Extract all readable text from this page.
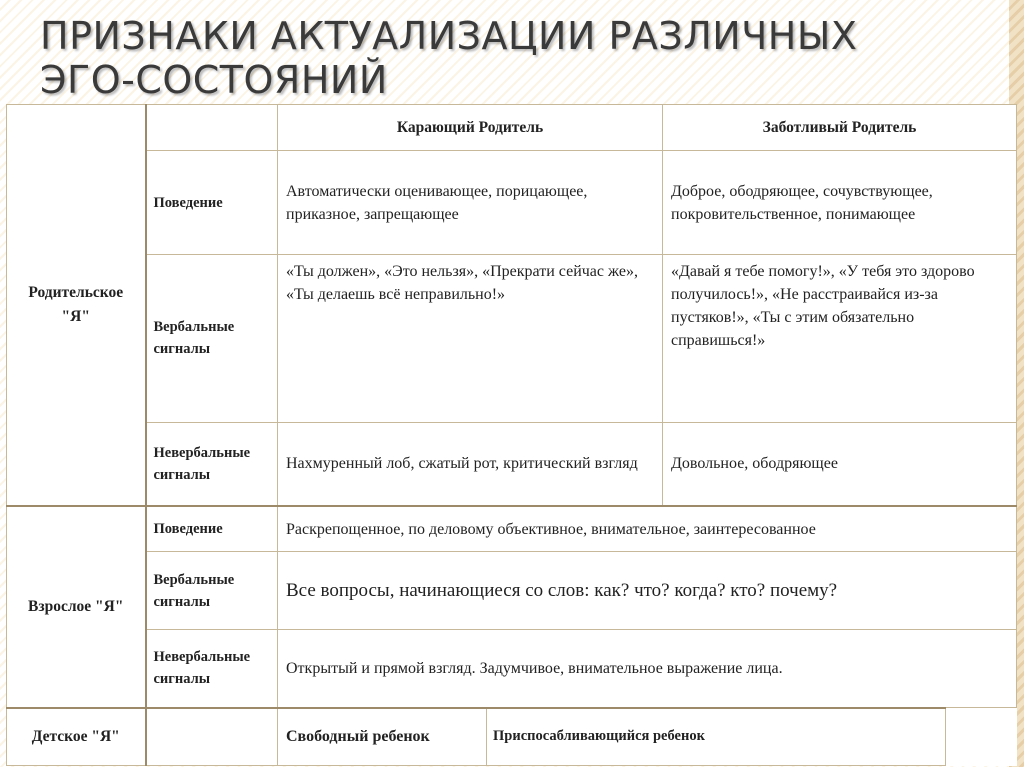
ПРИЗНАКИ АКТУАЛИЗАЦИИ РАЗЛИЧНЫХ
ЭГО-СОСТОЯНИЙ
Родительское "Я"		Карающий Родитель		Заботливый Родитель
	Поведение	Автоматически оценивающее, порицающее, приказное, запрещающее		Доброе, ободряющее, сочувствующее, покровительственное, понимающее
	Вербальные сигналы	«Ты должен», «Это нельзя», «Прекрати сейчас же», «Ты делаешь всё неправильно!»		«Давай я тебе помогу!», «У тебя это здорово получилось!», «Не расстраивайся из-за пустяков!», «Ты с этим обязательно справишься!»
	Невербальные сигналы	Нахмуренный лоб, сжатый рот, критический взгляд		Довольное, ободряющее
Взрослое "Я"	Поведение	Раскрепощенное, по деловому объективное, внимательное, заинтересованное		
	Вербальные сигналы	Все вопросы, начинающиеся со слов: как? что? когда? кто? почему?		
	Невербальные сигналы	Открытый и прямой взгляд. Задумчивое, внимательное выражение лица.		
Детское "Я"		Свободный ребенок	Приспосабливающийся ребенок
